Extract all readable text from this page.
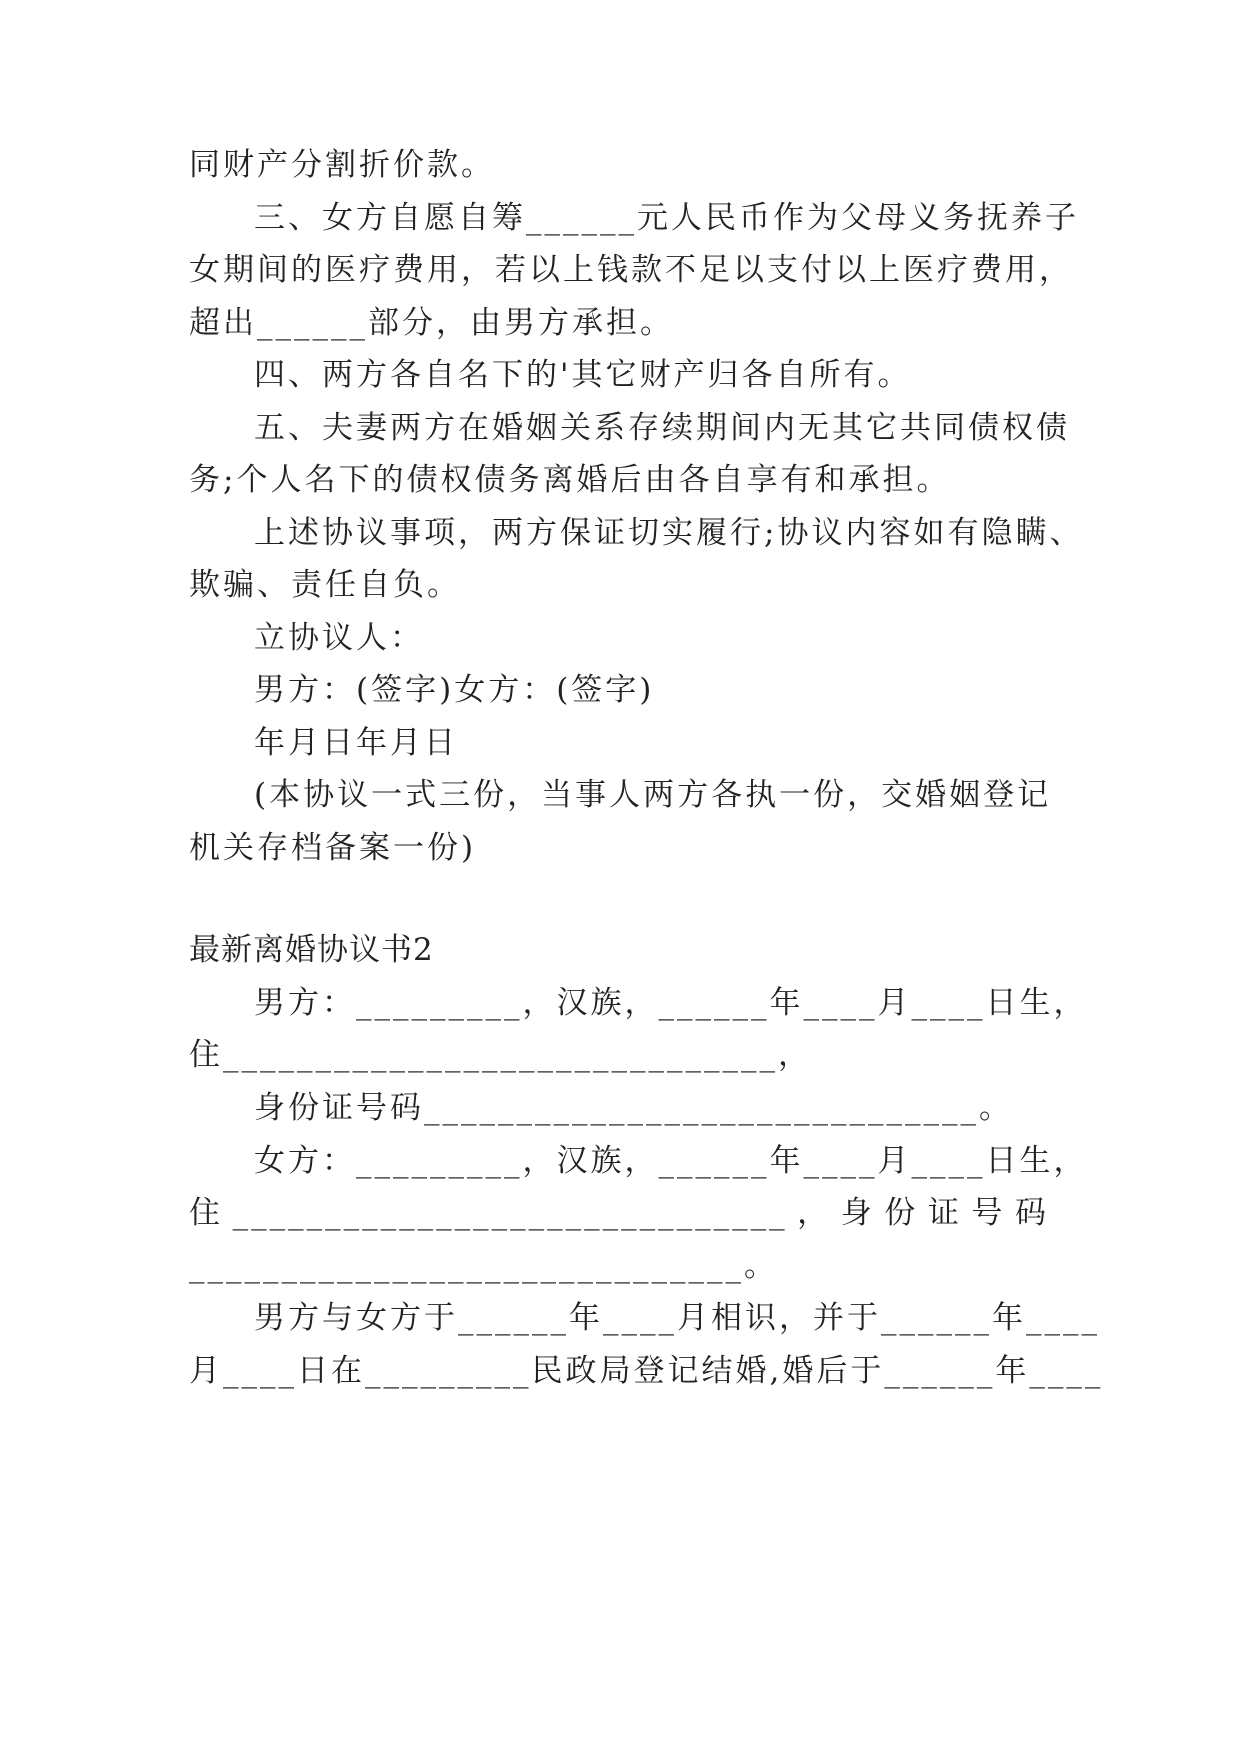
同财产分割折价款。
三、女方自愿自筹______元人民币作为父母义务抚养子
女期间的医疗费用，若以上钱款不足以支付以上医疗费用，
超出______部分，由男方承担。
四、两方各自名下的'其它财产归各自所有。
五、夫妻两方在婚姻关系存续期间内无其它共同债权债
务;个人名下的债权债务离婚后由各自享有和承担。
上述协议事项，两方保证切实履行;协议内容如有隐瞒、
欺骗、责任自负。
立协议人：
男方：(签字)女方：(签字)
年月日年月日
(本协议一式三份，当事人两方各执一份，交婚姻登记
机关存档备案一份)
最新离婚协议书2
男方：_________，汉族，______年____月____日生，
住______________________________，
身份证号码______________________________。
女方：_________，汉族，______年____月____日生，
住 ______________________________ ， 身 份 证 号 码
______________________________。
男方与女方于______年____月相识，并于______年____
月____日在_________民政局登记结婚,婚后于______年____
